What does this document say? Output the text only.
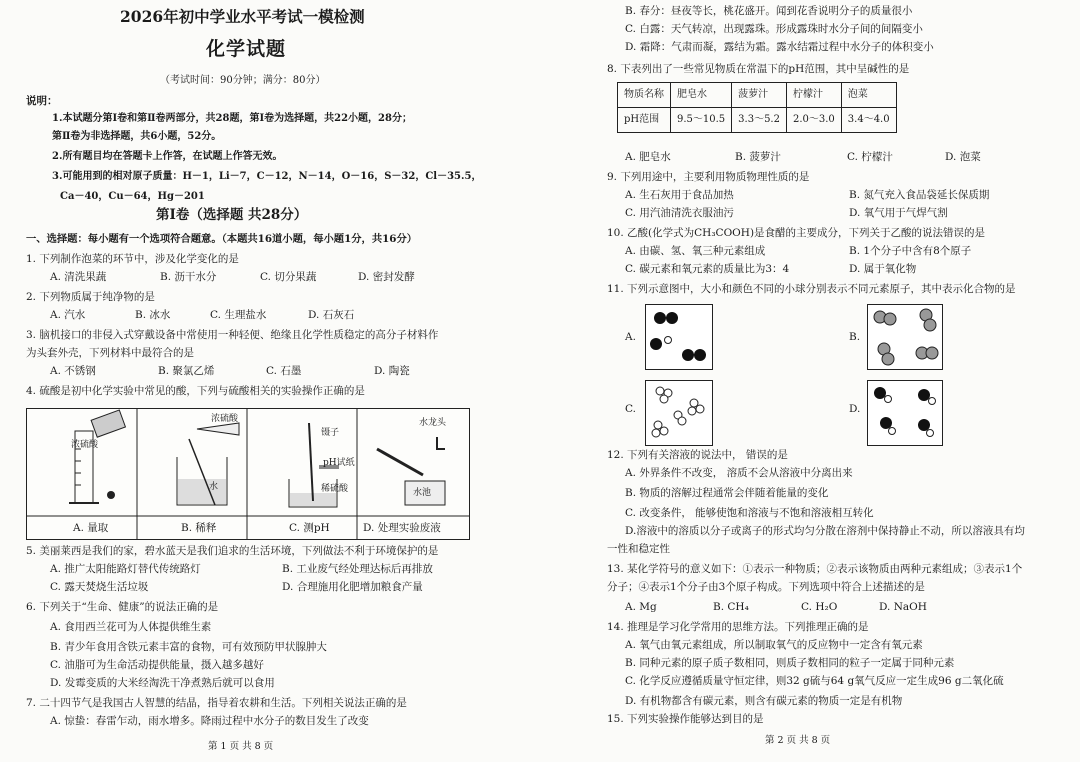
2026年初中学业水平考试一模检测
化学试题
（考试时间：90分钟；满分：80分）
说明：
1.本试题分第Ⅰ卷和第Ⅱ卷两部分，共28题，第Ⅰ卷为选择题，共22小题，28分；
第Ⅱ卷为非选择题，共6小题，52分。
2.所有题目均在答题卡上作答，在试题上作答无效。
3.可能用到的相对原子质量：H－1，Li－7，C－12，N－14，O－16，S－32，Cl－35.5，
Ca－40，Cu－64，Hg－201
第Ⅰ卷（选择题 共28分）
一、选择题：每小题有一个选项符合题意。（本题共16道小题，每小题1分，共16分）
1. 下列制作泡菜的环节中，涉及化学变化的是
A. 清洗果蔬	B. 沥干水分	C. 切分果蔬	D. 密封发酵
2. 下列物质属于纯净物的是
A. 汽水	B. 冰水	C. 生理盐水	D. 石灰石
3. 脑机接口的非侵入式穿戴设备中常使用一种轻便、绝缘且化学性质稳定的高分子材料作
为头套外壳，下列材料中最符合的是
A. 不锈钢	B. 聚氯乙烯	C. 石墨	D. 陶瓷
4. 硫酸是初中化学实验中常见的酸，下列与硫酸相关的实验操作正确的是
浓硫酸
浓硫酸
水
镊子
pH试纸
稀硫酸
水龙头
水池
A. 量取	B. 稀释	C. 测pH	D. 处理实验废液
5. 美丽莱西是我们的家，碧水蓝天是我们追求的生活环境，下列做法不利于环境保护的是
A. 推广太阳能路灯替代传统路灯	B. 工业废气经处理达标后再排放
C. 露天焚烧生活垃圾	D. 合理施用化肥增加粮食产量
6. 下列关于“生命、健康”的说法正确的是
A. 食用西兰花可为人体提供维生素
B. 青少年食用含铁元素丰富的食物，可有效预防甲状腺肿大
C. 油脂可为生命活动提供能量，摄入越多越好
D. 发霉变质的大米经淘洗干净煮熟后就可以食用
7. 二十四节气是我国古人智慧的结晶，指导着农耕和生活。下列相关说法正确的是
A. 惊蛰：春雷乍动，雨水增多。降雨过程中水分子的数目发生了改变
第 1 页 共 8 页
B. 春分：昼夜等长，桃花盛开。闻到花香说明分子的质量很小
C. 白露：天气转凉，出现露珠。形成露珠时水分子间的间隔变小
D. 霜降：气肃而凝，露结为霜。露水结霜过程中水分子的体积变小
8. 下表列出了一些常见物质在常温下的pH范围，其中呈碱性的是
物质名称	肥皂水	菠萝汁	柠檬汁	泡菜
pH范围	9.5～10.5	3.3～5.2	2.0～3.0	3.4～4.0
A. 肥皂水	B. 菠萝汁	C. 柠檬汁	D. 泡菜
9. 下列用途中，主要利用物质物理性质的是
A. 生石灰用于食品加热	B. 氮气充入食品袋延长保质期
C. 用汽油清洗衣服油污	D. 氧气用于气焊气割
10. 乙酸(化学式为CH₃COOH)是食醋的主要成分，下列关于乙酸的说法错误的是
A. 由碳、氢、氧三种元素组成	B. 1个分子中含有8个原子
C. 碳元素和氧元素的质量比为3：4	D. 属于氧化物
11. 下列示意图中，大小和颜色不同的小球分别表示不同元素原子，其中表示化合物的是
A.	B.
C.	D.
12. 下列有关溶液的说法中， 错误的是
A. 外界条件不改变， 溶质不会从溶液中分离出来
B. 物质的溶解过程通常会伴随着能量的变化
C. 改变条件， 能够使饱和溶液与不饱和溶液相互转化
D.溶液中的溶质以分子或离子的形式均匀分散在溶剂中保持静止不动，所以溶液具有均
一性和稳定性
13. 某化学符号的意义如下：①表示一种物质；②表示该物质由两种元素组成；③表示1个
分子；④表示1个分子由3个原子构成。下列选项中符合上述描述的是
A. Mg	B. CH₄	C. H₂O	D. NaOH
14. 推理是学习化学常用的思维方法。下列推理正确的是
A. 氧气由氧元素组成，所以制取氧气的反应物中一定含有氧元素
B. 同种元素的原子质子数相同，则质子数相同的粒子一定属于同种元素
C. 化学反应遵循质量守恒定律，则32 g硫与64 g氧气反应一定生成96 g二氧化硫
D. 有机物都含有碳元素，则含有碳元素的物质一定是有机物
15. 下列实验操作能够达到目的是
第 2 页 共 8 页
